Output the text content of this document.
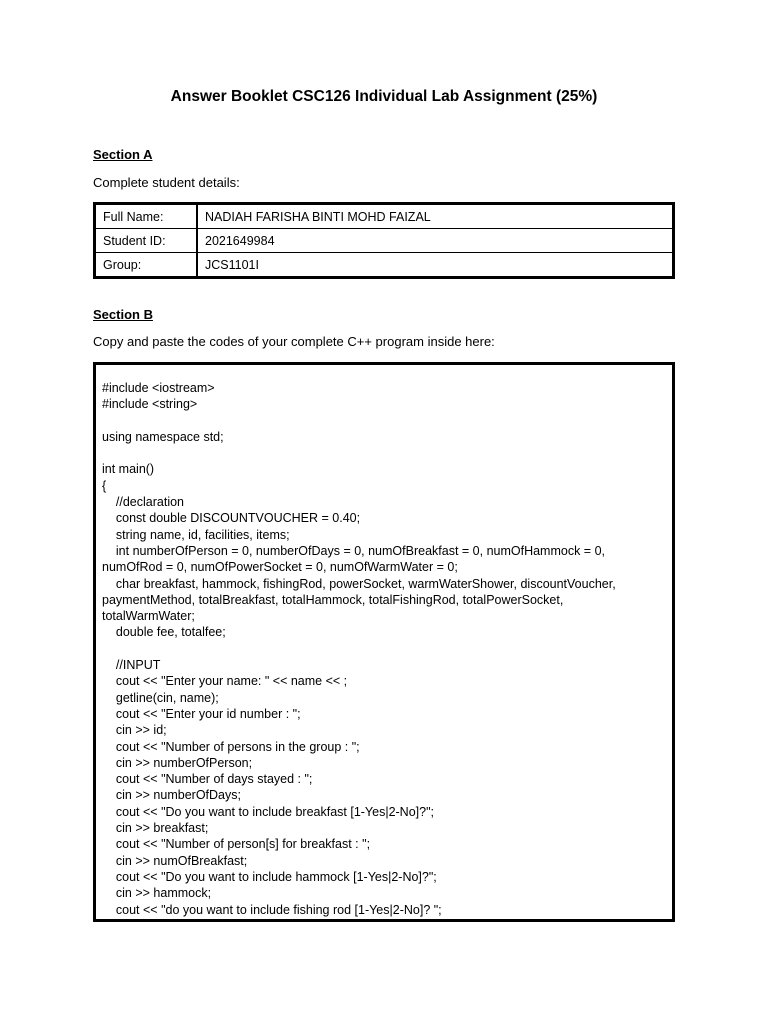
Answer Booklet CSC126 Individual Lab Assignment (25%)
Section A
Complete student details:
Full Name:	NADIAH FARISHA BINTI MOHD FAIZAL
Student ID:	2021649984
Group:	JCS1101I
Section B
Copy and paste the codes of your complete C++ program inside here:
#include <iostream>
#include <string>

using namespace std;

int main()
{
//declaration
const double DISCOUNTVOUCHER = 0.40;
string name, id, facilities, items;
int numberOfPerson = 0, numberOfDays = 0, numOfBreakfast = 0, numOfHammock = 0,
numOfRod = 0, numOfPowerSocket = 0, numOfWarmWater = 0;
char breakfast, hammock, fishingRod, powerSocket, warmWaterShower, discountVoucher,
paymentMethod, totalBreakfast, totalHammock, totalFishingRod, totalPowerSocket,
totalWarmWater;
double fee, totalfee;

//INPUT
cout << "Enter your name: " << name << ;
getline(cin, name);
cout << "Enter your id number : ";
cin >> id;
cout << "Number of persons in the group : ";
cin >> numberOfPerson;
cout << "Number of days stayed : ";
cin >> numberOfDays;
cout << "Do you want to include breakfast [1-Yes|2-No]?";
cin >> breakfast;
cout << "Number of person[s] for breakfast : ";
cin >> numOfBreakfast;
cout << "Do you want to include hammock [1-Yes|2-No]?";
cin >> hammock;
cout << "do you want to include fishing rod [1-Yes|2-No]? ";
